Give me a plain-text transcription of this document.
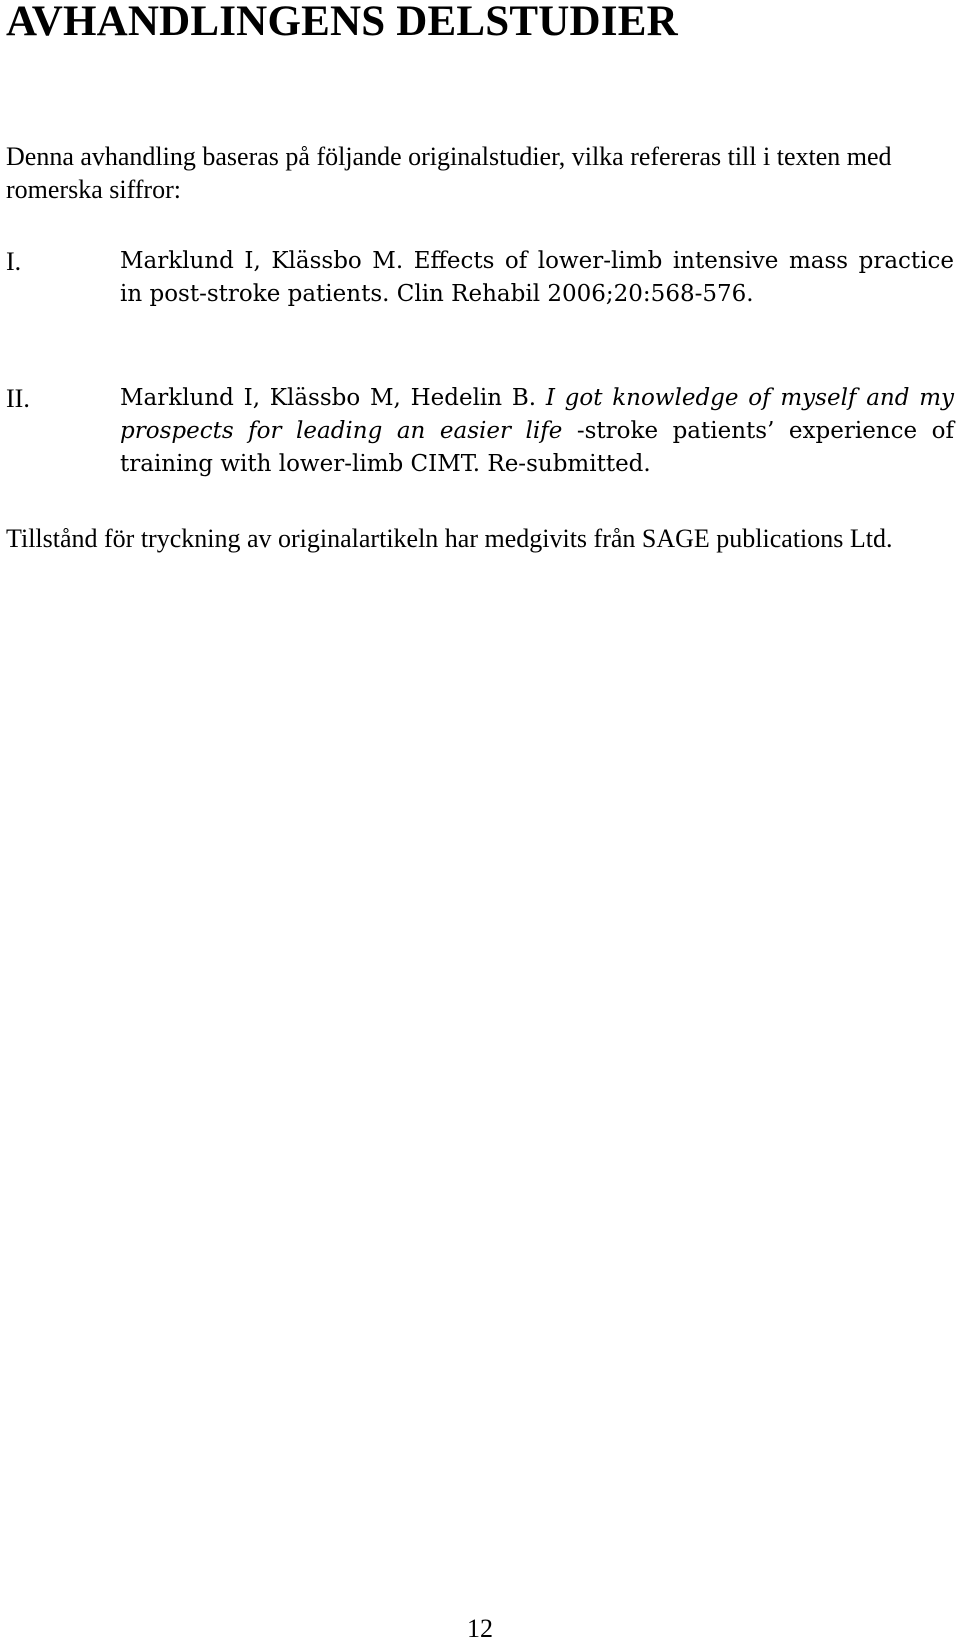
AVHANDLINGENS DELSTUDIER

Denna avhandling baseras på följande originalstudier, vilka refereras till i texten med romerska siffror:

I.	Marklund I, Klässbo M. Effects of lower-limb intensive mass practice in post-stroke patients. Clin Rehabil 2006;20:568-576.

II.	Marklund I, Klässbo M, Hedelin B. I got knowledge of myself and my prospects for leading an easier life -stroke patients’ experience of training with lower-limb CIMT. Re-submitted.

Tillstånd för tryckning av originalartikeln har medgivits från SAGE publications Ltd.

12
